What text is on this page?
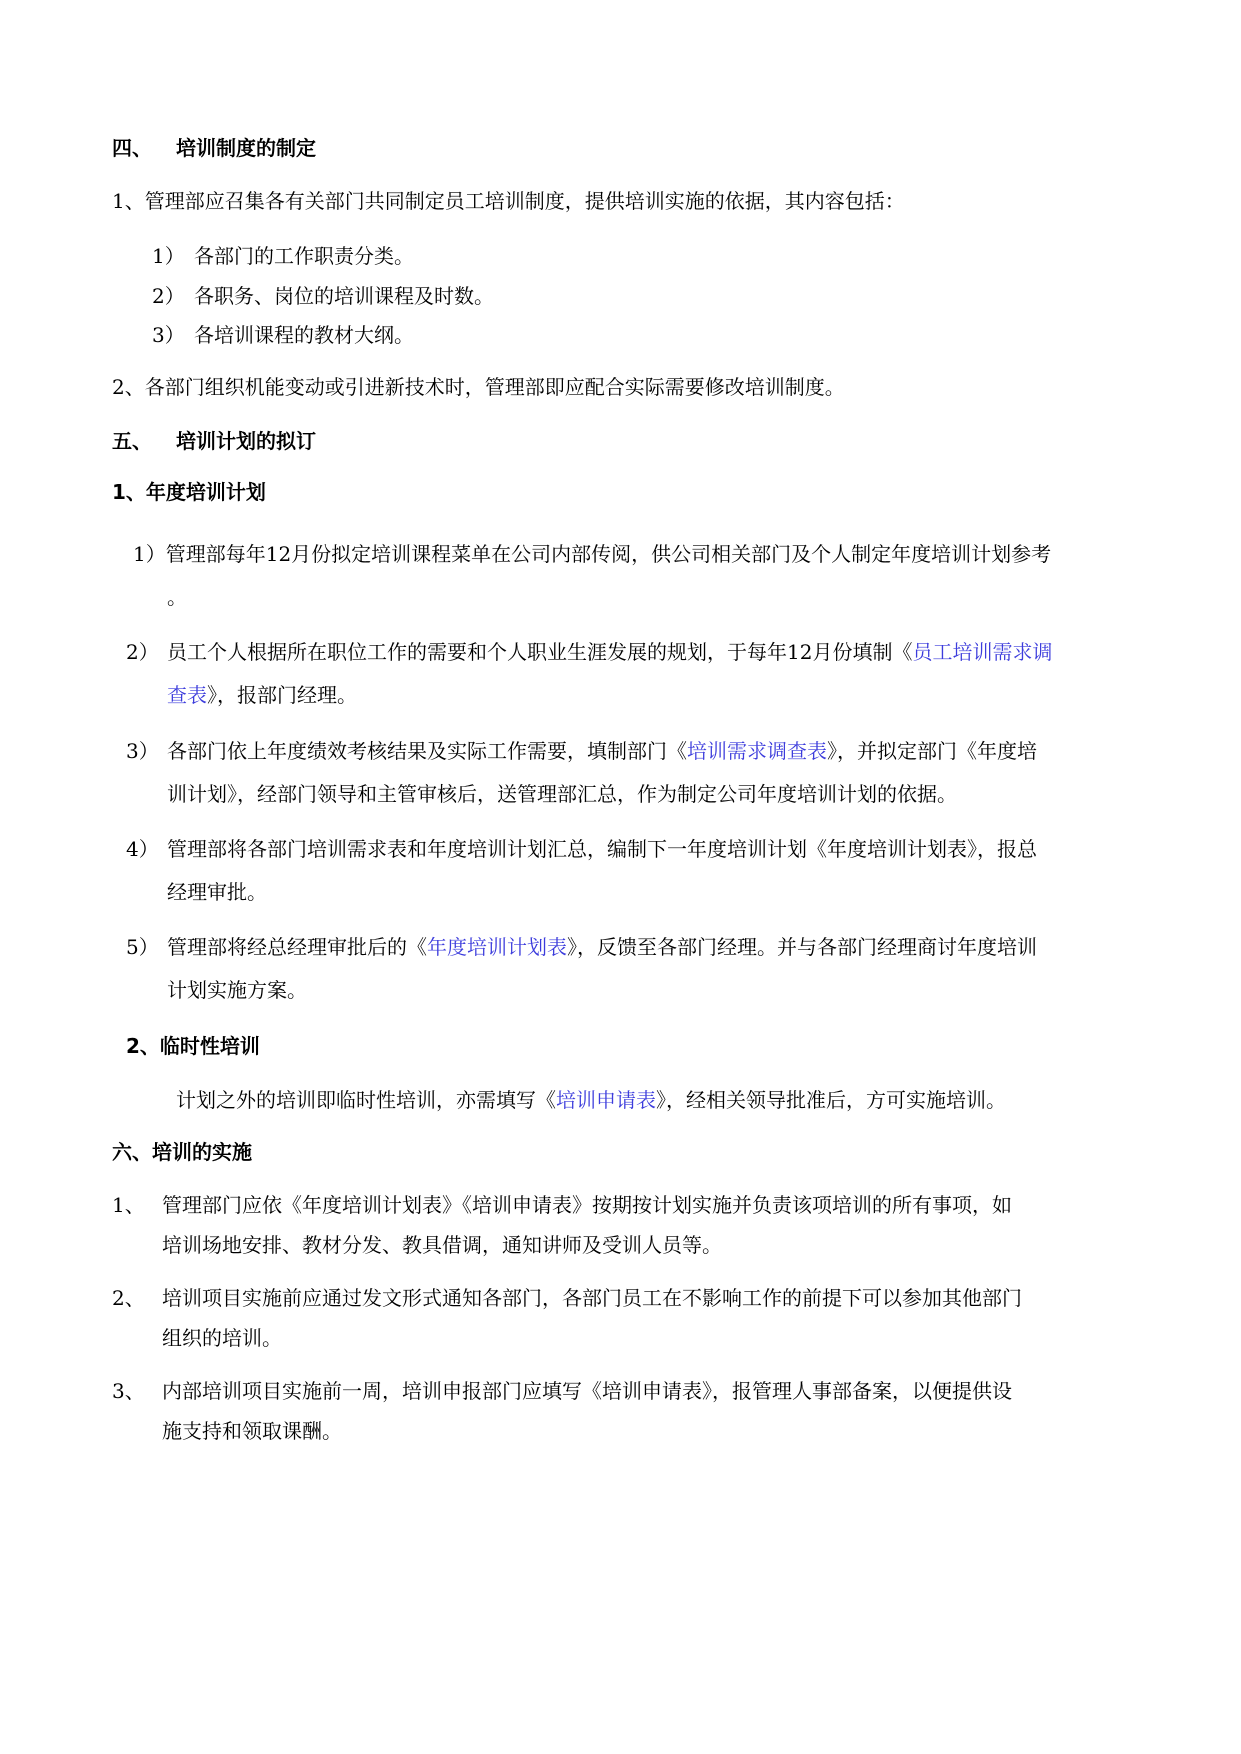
四、 培训制度的制定
1、管理部应召集各有关部门共同制定员工培训制度，提供培训实施的依据，其内容包括：
1） 各部门的工作职责分类。
2） 各职务、岗位的培训课程及时数。
3） 各培训课程的教材大纲。
2、各部门组织机能变动或引进新技术时，管理部即应配合实际需要修改培训制度。
五、 培训计划的拟订
1、年度培训计划
1）管理部每年12月份拟定培训课程菜单在公司内部传阅，供公司相关部门及个人制定年度培训计划参考
。
2） 员工个人根据所在职位工作的需要和个人职业生涯发展的规划，于每年12月份填制《员工培训需求调
查表》，报部门经理。
3） 各部门依上年度绩效考核结果及实际工作需要，填制部门《培训需求调查表》，并拟定部门《年度培
训计划》，经部门领导和主管审核后，送管理部汇总，作为制定公司年度培训计划的依据。
4） 管理部将各部门培训需求表和年度培训计划汇总，编制下一年度培训计划《年度培训计划表》，报总
经理审批。
5） 管理部将经总经理审批后的《年度培训计划表》，反馈至各部门经理。并与各部门经理商讨年度培训
计划实施方案。
2、临时性培训
计划之外的培训即临时性培训，亦需填写《培训申请表》，经相关领导批准后，方可实施培训。
六、培训的实施
1、 管理部门应依《年度培训计划表》《培训申请表》按期按计划实施并负责该项培训的所有事项，如
培训场地安排、教材分发、教具借调，通知讲师及受训人员等。
2、 培训项目实施前应通过发文形式通知各部门，各部门员工在不影响工作的前提下可以参加其他部门
组织的培训。
3、 内部培训项目实施前一周，培训申报部门应填写《培训申请表》，报管理人事部备案，以便提供设
施支持和领取课酬。
